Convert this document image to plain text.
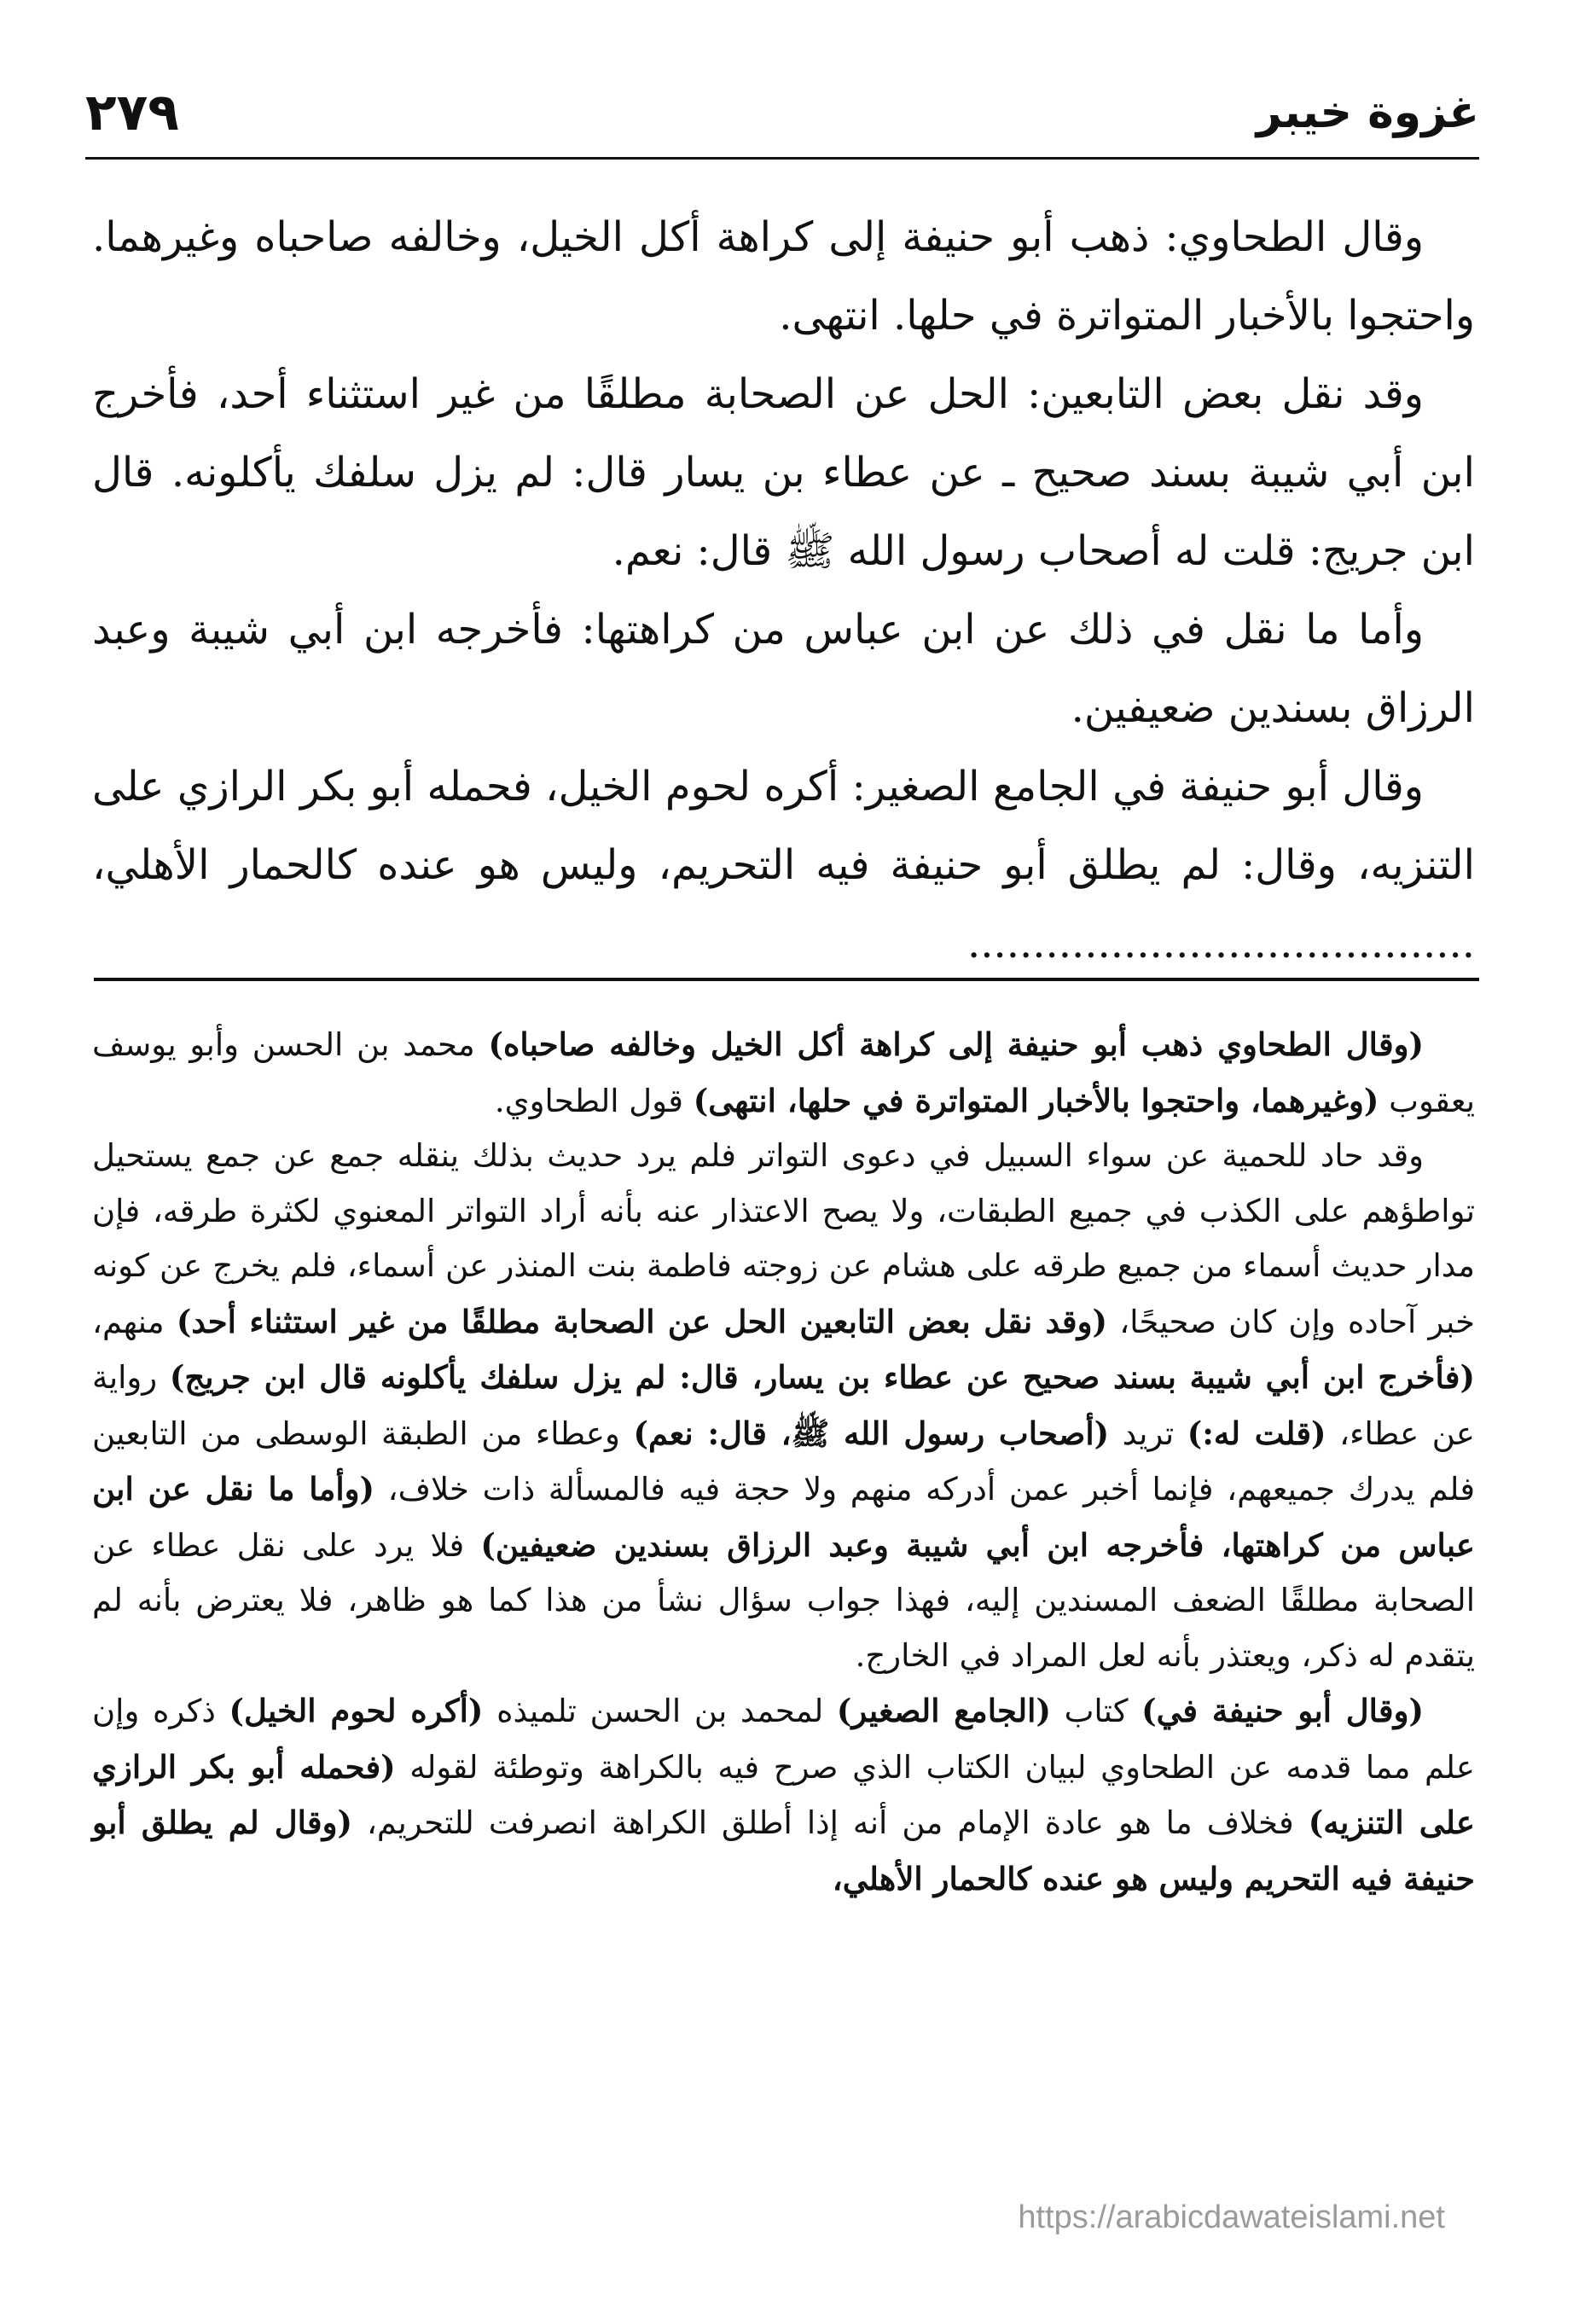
غزوة خيبر
٢٧٩

وقال الطحاوي: ذهب أبو حنيفة إلى كراهة أكل الخيل، وخالفه صاحباه وغيرهما. واحتجوا بالأخبار المتواترة في حلها. انتهى.

وقد نقل بعض التابعين: الحل عن الصحابة مطلقًا من غير استثناء أحد، فأخرج ابن أبي شيبة بسند صحيح ـ عن عطاء بن يسار قال: لم يزل سلفك يأكلونه. قال ابن جريج: قلت له أصحاب رسول الله ﷺ قال: نعم.

وأما ما نقل في ذلك عن ابن عباس من كراهتها: فأخرجه ابن أبي شيبة وعبد الرزاق بسندين ضعيفين.

وقال أبو حنيفة في الجامع الصغير: أكره لحوم الخيل، فحمله أبو بكر الرازي على التنزيه، وقال: لم يطلق أبو حنيفة فيه التحريم، وليس هو عنده كالحمار الأهلي، .......................................

(وقال الطحاوي ذهب أبو حنيفة إلى كراهة أكل الخيل وخالفه صاحباه) محمد بن الحسن وأبو يوسف يعقوب (وغيرهما، واحتجوا بالأخبار المتواترة في حلها، انتهى) قول الطحاوي.

وقد حاد للحمية عن سواء السبيل في دعوى التواتر فلم يرد حديث بذلك ينقله جمع عن جمع يستحيل تواطؤهم على الكذب في جميع الطبقات، ولا يصح الاعتذار عنه بأنه أراد التواتر المعنوي لكثرة طرقه، فإن مدار حديث أسماء من جميع طرقه على هشام عن زوجته فاطمة بنت المنذر عن أسماء، فلم يخرج عن كونه خبر آحاده وإن كان صحيحًا، (وقد نقل بعض التابعين الحل عن الصحابة مطلقًا من غير استثناء أحد) منهم، (فأخرج ابن أبي شيبة بسند صحيح عن عطاء بن يسار، قال: لم يزل سلفك يأكلونه قال ابن جريج) رواية عن عطاء، (قلت له:) تريد (أصحاب رسول الله ﷺ، قال: نعم) وعطاء من الطبقة الوسطى من التابعين فلم يدرك جميعهم، فإنما أخبر عمن أدركه منهم ولا حجة فيه فالمسألة ذات خلاف، (وأما ما نقل عن ابن عباس من كراهتها، فأخرجه ابن أبي شيبة وعبد الرزاق بسندين ضعيفين) فلا يرد على نقل عطاء عن الصحابة مطلقًا الضعف المسندين إليه، فهذا جواب سؤال نشأ من هذا كما هو ظاهر، فلا يعترض بأنه لم يتقدم له ذكر، ويعتذر بأنه لعل المراد في الخارج.

(وقال أبو حنيفة في) كتاب (الجامع الصغير) لمحمد بن الحسن تلميذه (أكره لحوم الخيل) ذكره وإن علم مما قدمه عن الطحاوي لبيان الكتاب الذي صرح فيه بالكراهة وتوطئة لقوله (فحمله أبو بكر الرازي على التنزيه) فخلاف ما هو عادة الإمام من أنه إذا أطلق الكراهة انصرفت للتحريم، (وقال لم يطلق أبو حنيفة فيه التحريم وليس هو عنده كالحمار الأهلي،

https://arabicdawateislami.net
